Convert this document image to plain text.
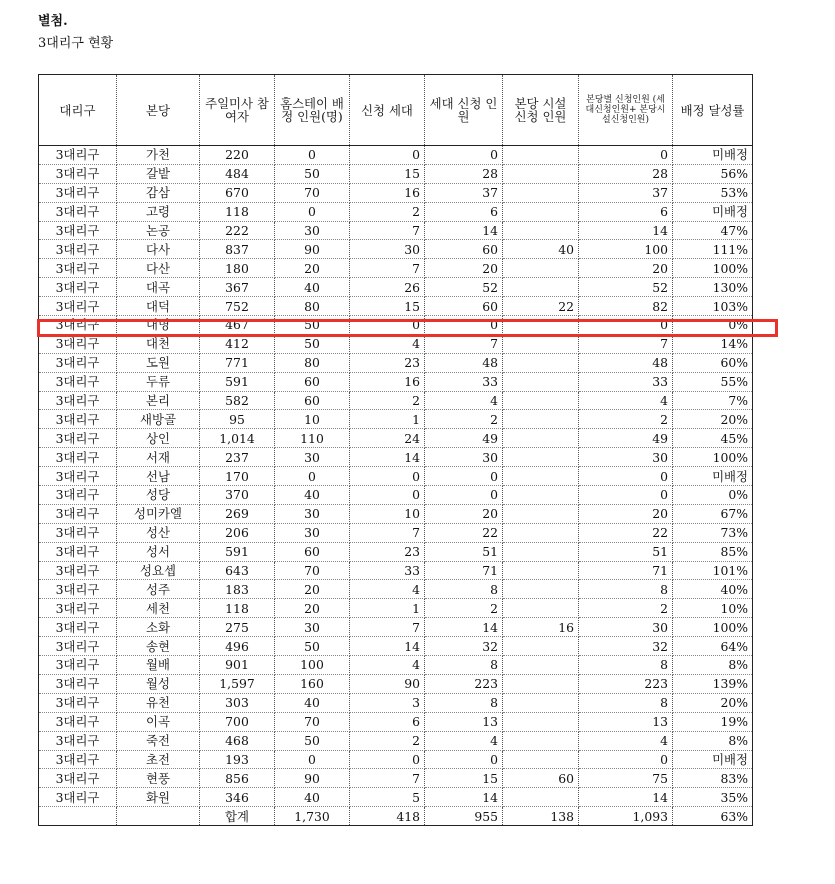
별첨.
3대리구 현황
대리구	본당	주일미사 참여자	홈스테이 배정 인원(명)	신청 세대	세대 신청 인원	본당 시설 신청 인원	본당별 신청인원 (세대신청인원+ 본당시설신청인원)	배정 달성률
3대리구	가천	220	0	0	0		0	미배정
3대리구	갈밭	484	50	15	28		28	56%
3대리구	감삼	670	70	16	37		37	53%
3대리구	고령	118	0	2	6		6	미배정
3대리구	논공	222	30	7	14		14	47%
3대리구	다사	837	90	30	60	40	100	111%
3대리구	다산	180	20	7	20		20	100%
3대리구	대곡	367	40	26	52		52	130%
3대리구	대덕	752	80	15	60	22	82	103%
3대리구	대명	467	50	0	0		0	0%
3대리구	대천	412	50	4	7		7	14%
3대리구	도원	771	80	23	48		48	60%
3대리구	두류	591	60	16	33		33	55%
3대리구	본리	582	60	2	4		4	7%
3대리구	새방골	95	10	1	2		2	20%
3대리구	상인	1,014	110	24	49		49	45%
3대리구	서재	237	30	14	30		30	100%
3대리구	선남	170	0	0	0		0	미배정
3대리구	성당	370	40	0	0		0	0%
3대리구	성미카엘	269	30	10	20		20	67%
3대리구	성산	206	30	7	22		22	73%
3대리구	성서	591	60	23	51		51	85%
3대리구	성요셉	643	70	33	71		71	101%
3대리구	성주	183	20	4	8		8	40%
3대리구	세천	118	20	1	2		2	10%
3대리구	소화	275	30	7	14	16	30	100%
3대리구	송현	496	50	14	32		32	64%
3대리구	월배	901	100	4	8		8	8%
3대리구	월성	1,597	160	90	223		223	139%
3대리구	유천	303	40	3	8		8	20%
3대리구	이곡	700	70	6	13		13	19%
3대리구	죽전	468	50	2	4		4	8%
3대리구	초전	193	0	0	0		0	미배정
3대리구	현풍	856	90	7	15	60	75	83%
3대리구	화원	346	40	5	14		14	35%
		합계	1,730	418	955	138	1,093	63%
